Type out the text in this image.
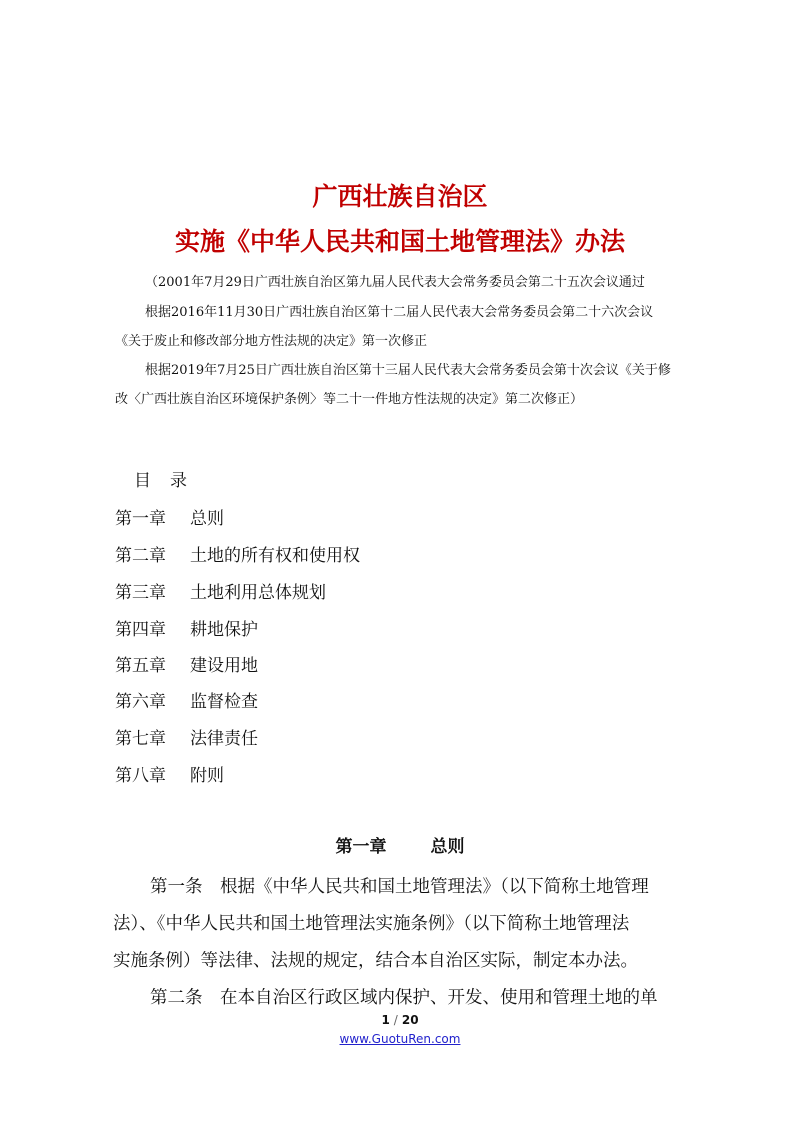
广西壮族自治区
实施《中华人民共和国土地管理法》办法
（2001年7月29日广西壮族自治区第九届人民代表大会常务委员会第二十五次会议通过
根据2016年11月30日广西壮族自治区第十二届人民代表大会常务委员会第二十六次会议
《关于废止和修改部分地方性法规的决定》第一次修正
根据2019年7月25日广西壮族自治区第十三届人民代表大会常务委员会第十次会议《关于修
改〈广西壮族自治区环境保护条例〉等二十一件地方性法规的决定》第二次修正）
目　录
第一章 总则
第二章 土地的所有权和使用权
第三章 土地利用总体规划
第四章 耕地保护
第五章 建设用地
第六章 监督检查
第七章 法律责任
第八章 附则
第一章	总则
第一条　根据《中华人民共和国土地管理法》（以下简称土地管理
法）、《中华人民共和国土地管理法实施条例》（以下简称土地管理法
实施条例）等法律、法规的规定，结合本自治区实际，制定本办法。
第二条　在本自治区行政区域内保护、开发、使用和管理土地的单
1 / 20
www.GuotuRen.com
